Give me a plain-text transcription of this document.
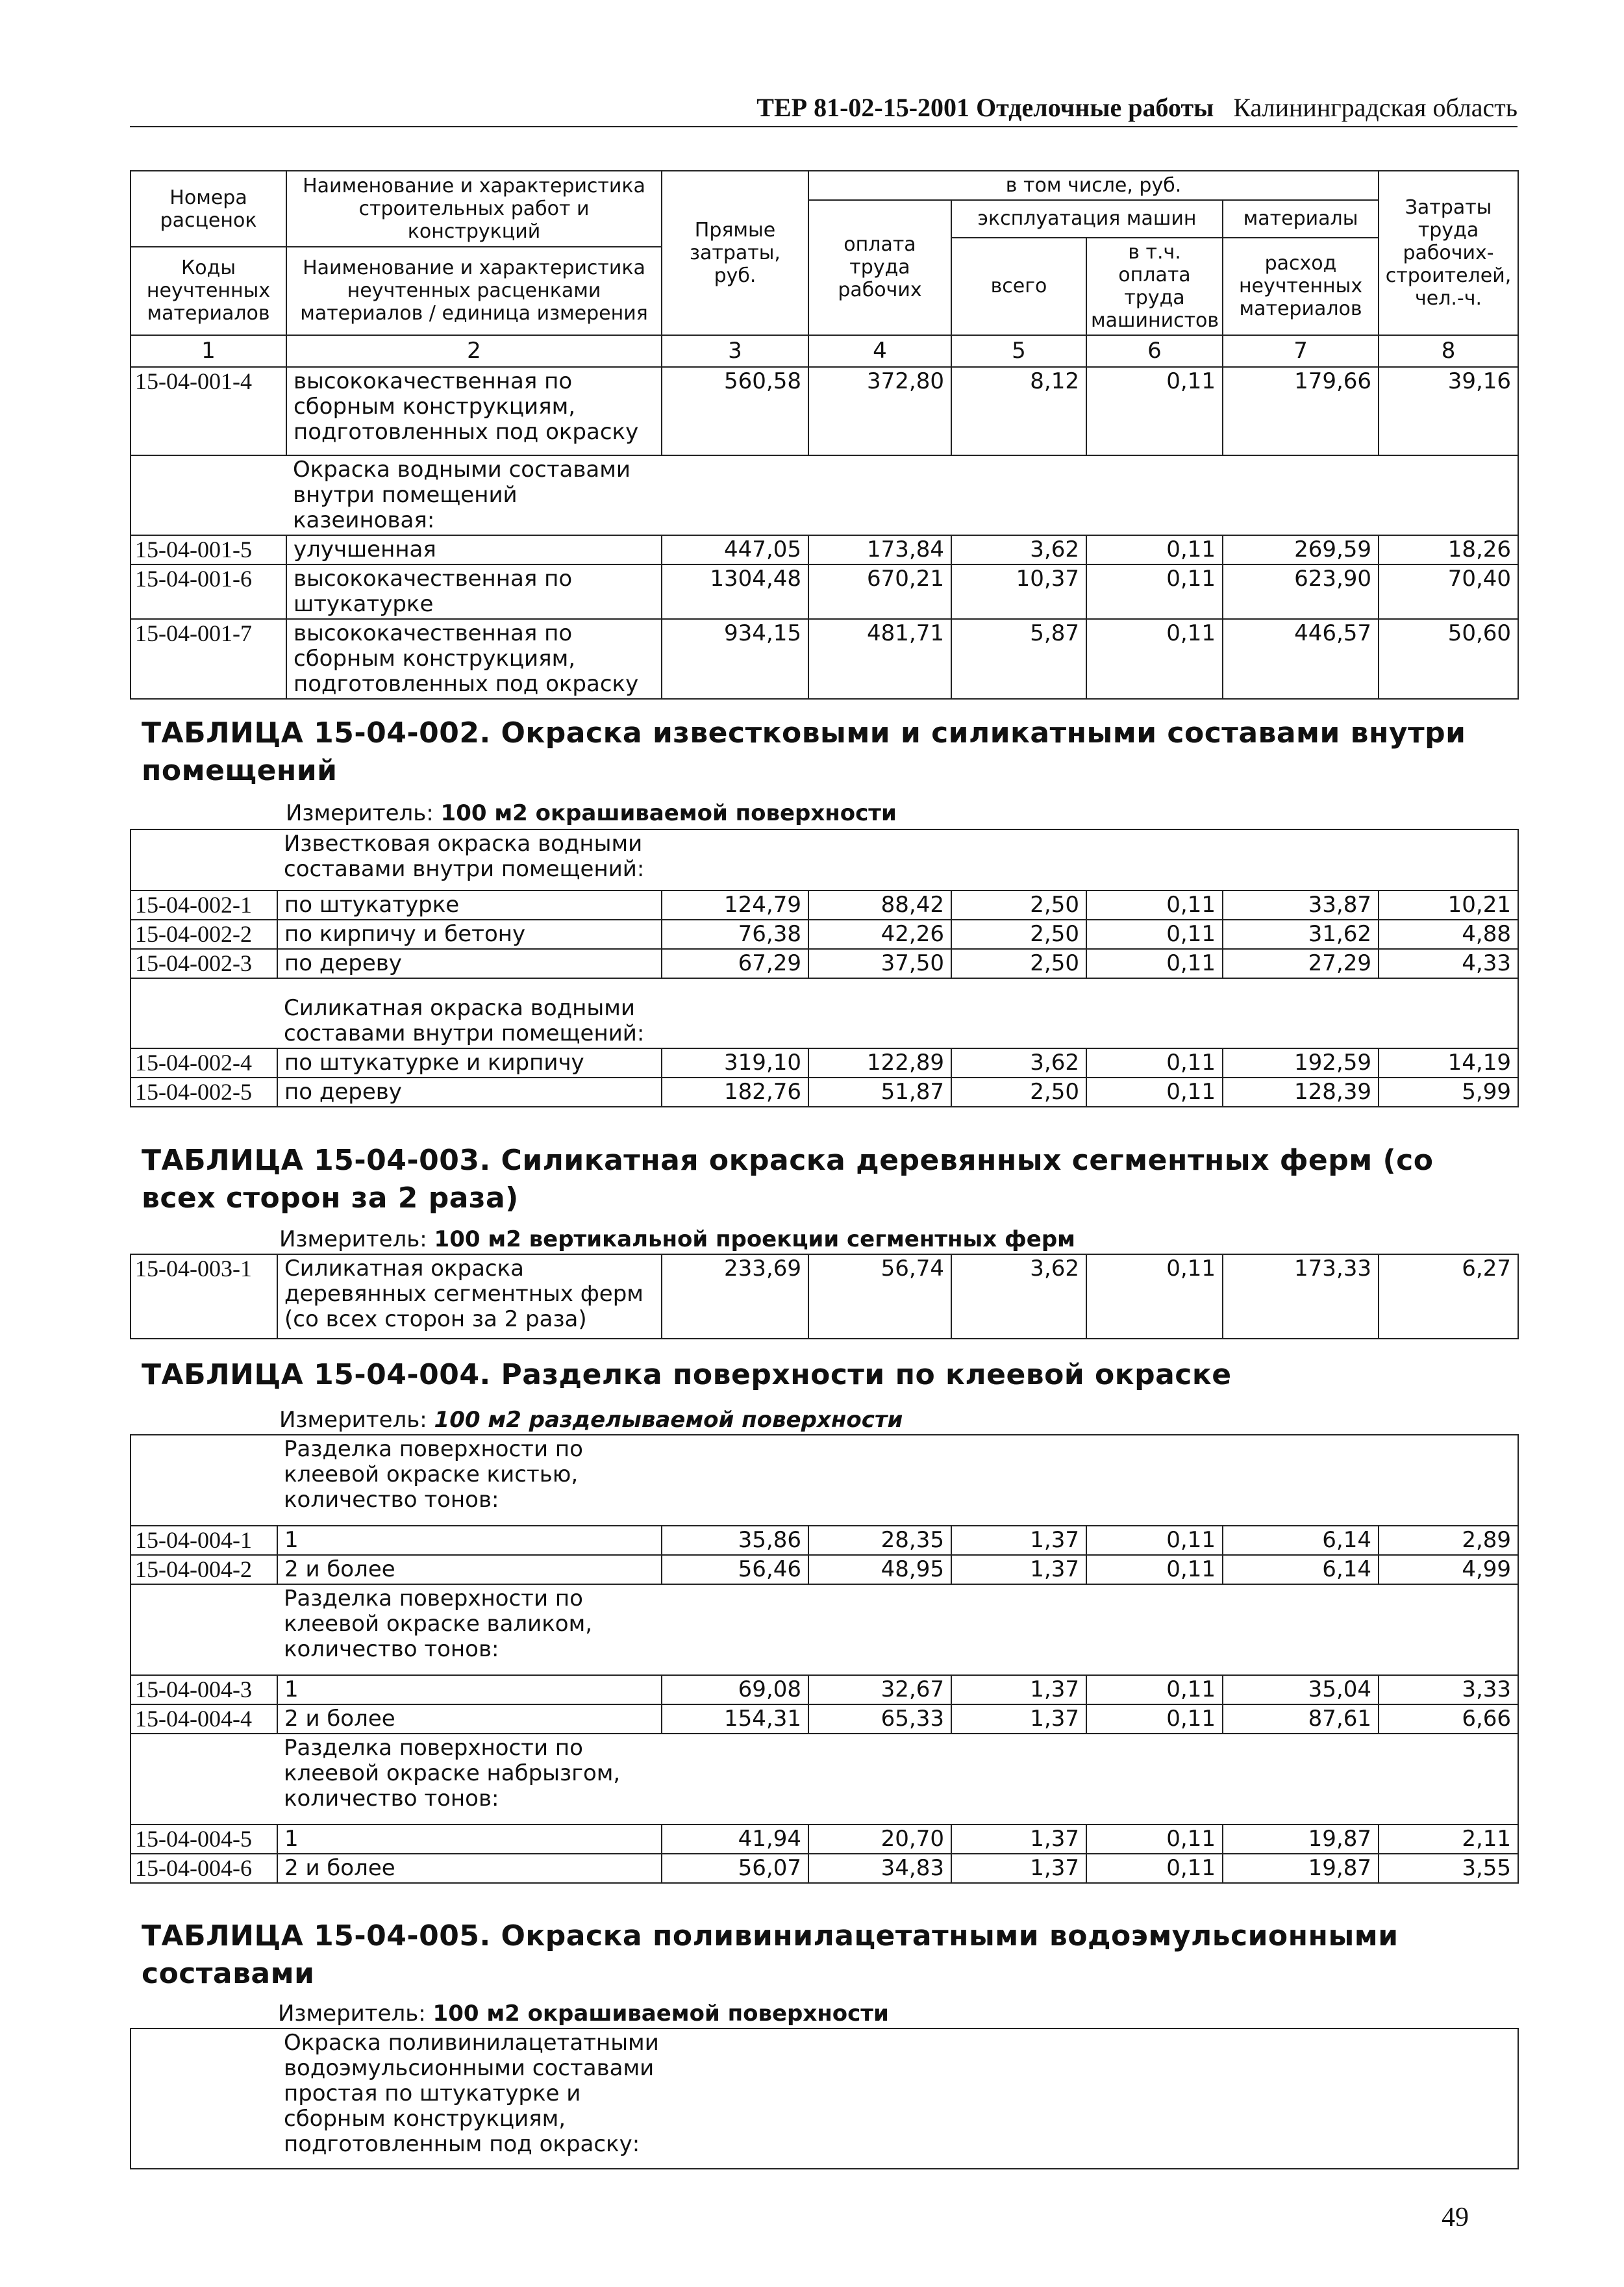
ТЕР 81-02-15-2001 Отделочные работы Калининградская область
Номера расценок	Наименование и характеристика строительных работ и конструкций	Прямые затраты, руб.	в том числе, руб.				Затраты труда рабочих-строителей, чел.-ч.
			оплата труда рабочих	эксплуатация машин		материалы	
				всего	в т.ч. оплата труда машинистов	расход неучтенных материалов	
Коды неучтенных материалов	Наименование и характеристика неучтенных расценками материалов / единица измерения						
1	2	3	4	5	6	7	8
15-04-001-4	высококачественная по сборным конструкциям, подготовленных под окраску	560,58	372,80	8,12	0,11	179,66	39,16

	Окраска водными составами внутри помещений казеиновая:						

15-04-001-5	улучшенная	447,05	173,84	3,62	0,11	269,59	18,26
15-04-001-6	высококачественная по штукатурке	1304,48	670,21	10,37	0,11	623,90	70,40
15-04-001-7	высококачественная по сборным конструкциям, подготовленных под окраску	934,15	481,71	5,87	0,11	446,57	50,60
ТАБЛИЦА 15-04-002. Окраска известковыми и силикатными составами внутри помещений
Измеритель: 100 м2 окрашиваемой поверхности

	Известковая окраска водными составами внутри помещений:						

15-04-002-1	по штукатурке	124,79	88,42	2,50	0,11	33,87	10,21
15-04-002-2	по кирпичу и бетону	76,38	42,26	2,50	0,11	31,62	4,88
15-04-002-3	по дереву	67,29	37,50	2,50	0,11	27,29	4,33

	Силикатная окраска водными составами внутри помещений:						

15-04-002-4	по штукатурке и кирпичу	319,10	122,89	3,62	0,11	192,59	14,19
15-04-002-5	по дереву	182,76	51,87	2,50	0,11	128,39	5,99
ТАБЛИЦА 15-04-003. Силикатная окраска деревянных сегментных ферм (со всех сторон за 2 раза)
Измеритель: 100 м2 вертикальной проекции сегментных ферм
15-04-003-1	Силикатная окраска деревянных сегментных ферм (со всех сторон за 2 раза)	233,69	56,74	3,62	0,11	173,33	6,27
ТАБЛИЦА 15-04-004. Разделка поверхности по клеевой окраске
Измеритель: 100 м2 разделываемой поверхности

	Разделка поверхности по клеевой окраске кистью, количество тонов:						

15-04-004-1	1	35,86	28,35	1,37	0,11	6,14	2,89
15-04-004-2	2 и более	56,46	48,95	1,37	0,11	6,14	4,99

	Разделка поверхности по клеевой окраске валиком, количество тонов:						

15-04-004-3	1	69,08	32,67	1,37	0,11	35,04	3,33
15-04-004-4	2 и более	154,31	65,33	1,37	0,11	87,61	6,66

	Разделка поверхности по клеевой окраске набрызгом, количество тонов:						

15-04-004-5	1	41,94	20,70	1,37	0,11	19,87	2,11
15-04-004-6	2 и более	56,07	34,83	1,37	0,11	19,87	3,55
ТАБЛИЦА 15-04-005. Окраска поливинилацетатными водоэмульсионными составами
Измеритель: 100 м2 окрашиваемой поверхности

Окраска поливинилацетатными водоэмульсионными составами простая по штукатурке и сборным конструкциям, подготовленным под окраску:
49
